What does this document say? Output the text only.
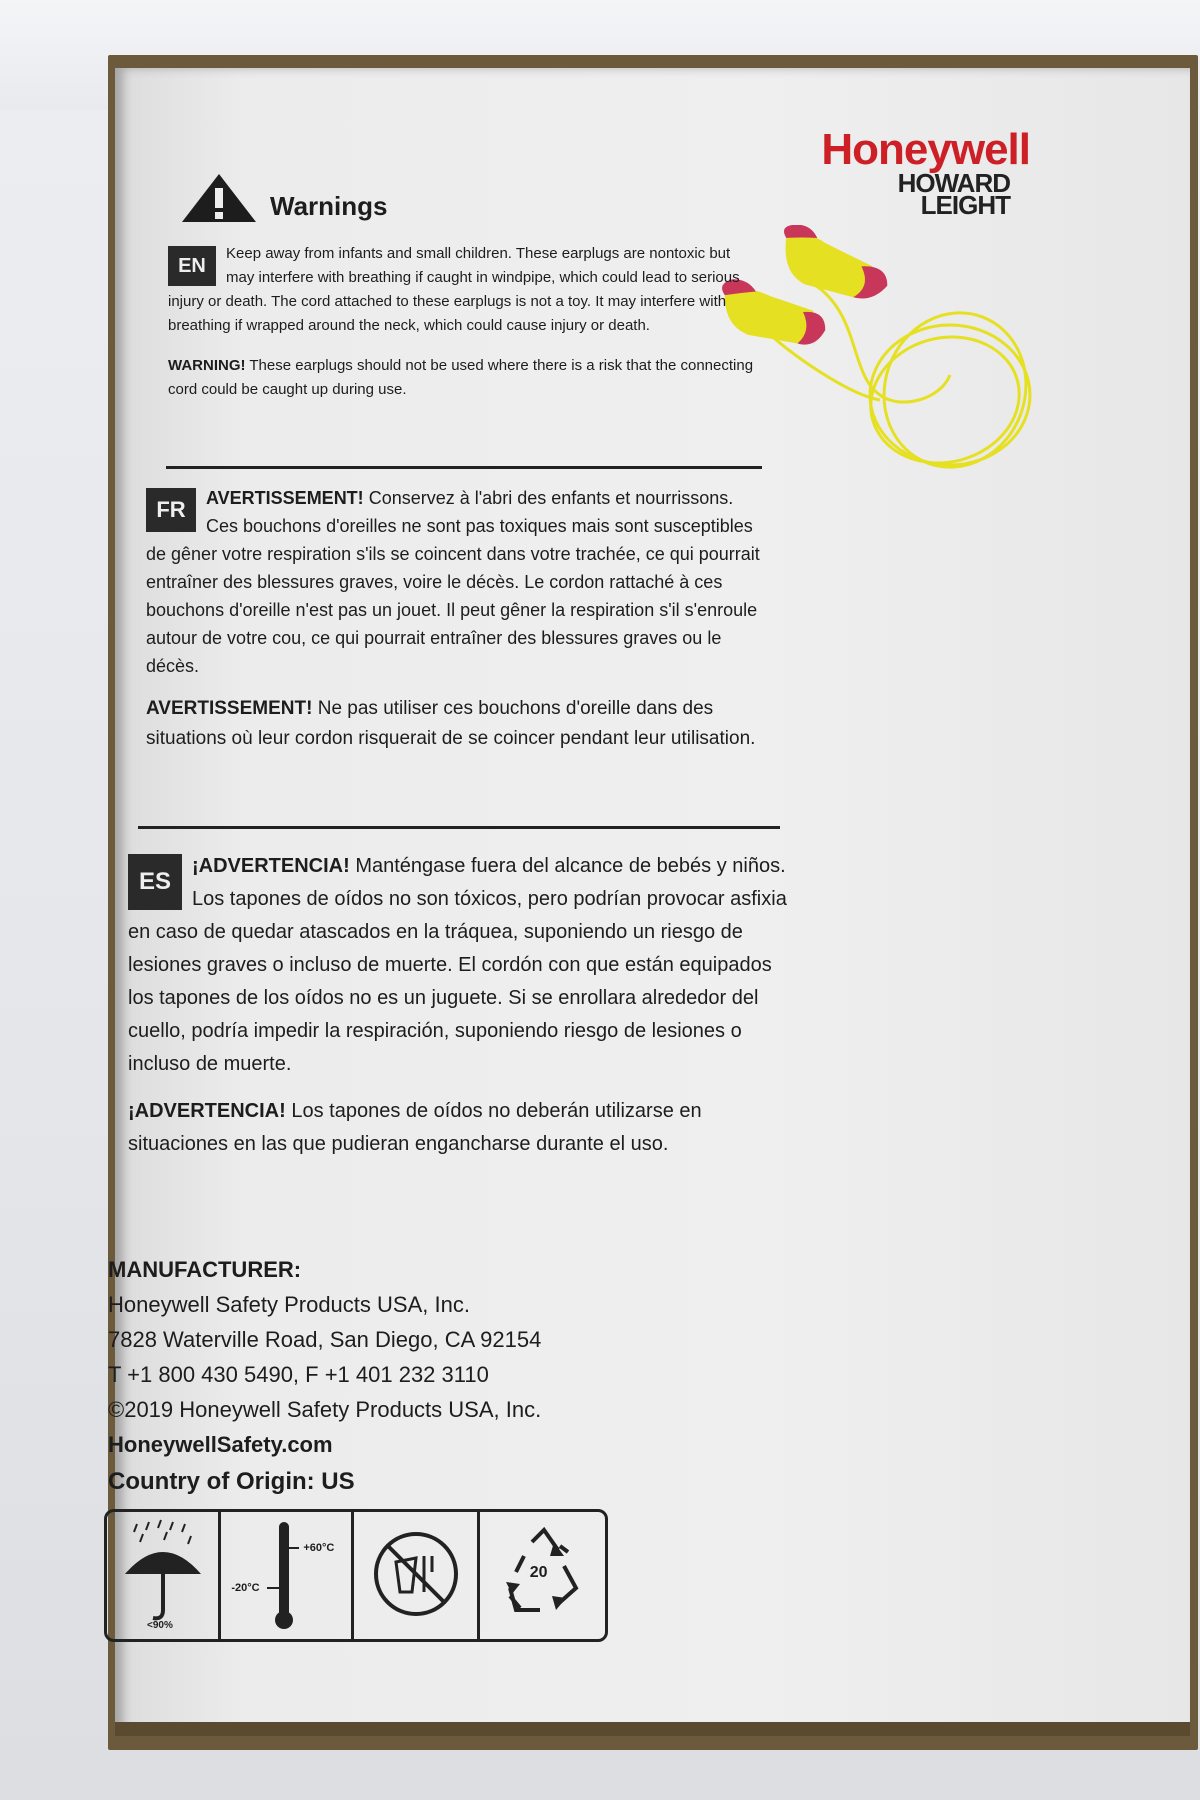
Honeywell
HOWARD
LEIGHT
Warnings
EN

Keep away from infants and small children. These earplugs are nontoxic but may interfere with breathing if caught in windpipe, which could lead to serious injury or death. The cord attached to these earplugs is not a toy. It may interfere with breathing if wrapped around the neck, which could cause injury or death.

WARNING! These earplugs should not be used where there is a risk that the connecting cord could be caught up during use.

FR	AVERTISSEMENT! Conservez à l'abri des enfants et nourrissons. Ces bouchons d'oreilles ne sont pas toxiques mais sont susceptibles de gêner votre respiration s'ils se coincent dans votre trachée, ce qui pourrait entraîner des blessures graves, voire le décès. Le cordon rattaché à ces bouchons d'oreille n'est pas un jouet. Il peut gêner la respiration s'il s'enroule autour de votre cou, ce qui pourrait entraîner des blessures graves ou le décès.

AVERTISSEMENT! Ne pas utiliser ces bouchons d'oreille dans des situations où leur cordon risquerait de se coincer pendant leur utilisation.

ES

¡ADVERTENCIA! Manténgase fuera del alcance de bebés y niños. Los tapones de oídos no son tóxicos, pero podrían provocar asfixia en caso de quedar atascados en la tráquea, suponiendo un riesgo de lesiones graves o incluso de muerte. El cordón con que están equipados los tapones de los oídos no es un juguete. Si se enrollara alrededor del cuello, podría impedir la respiración, suponiendo riesgo de lesiones o incluso de muerte.

¡ADVERTENCIA! Los tapones de oídos no deberán utilizarse en situaciones en las que pudieran engancharse durante el uso.

MANUFACTURER:

Honeywell Safety Products USA, Inc.

7828 Waterville Road, San Diego, CA 92154

T +1 800 430 5490, F +1 401 232 3110

©2019 Honeywell Safety Products USA, Inc.

HoneywellSafety.com

Country of Origin: US

<90%
+60°C
-20°C
20
